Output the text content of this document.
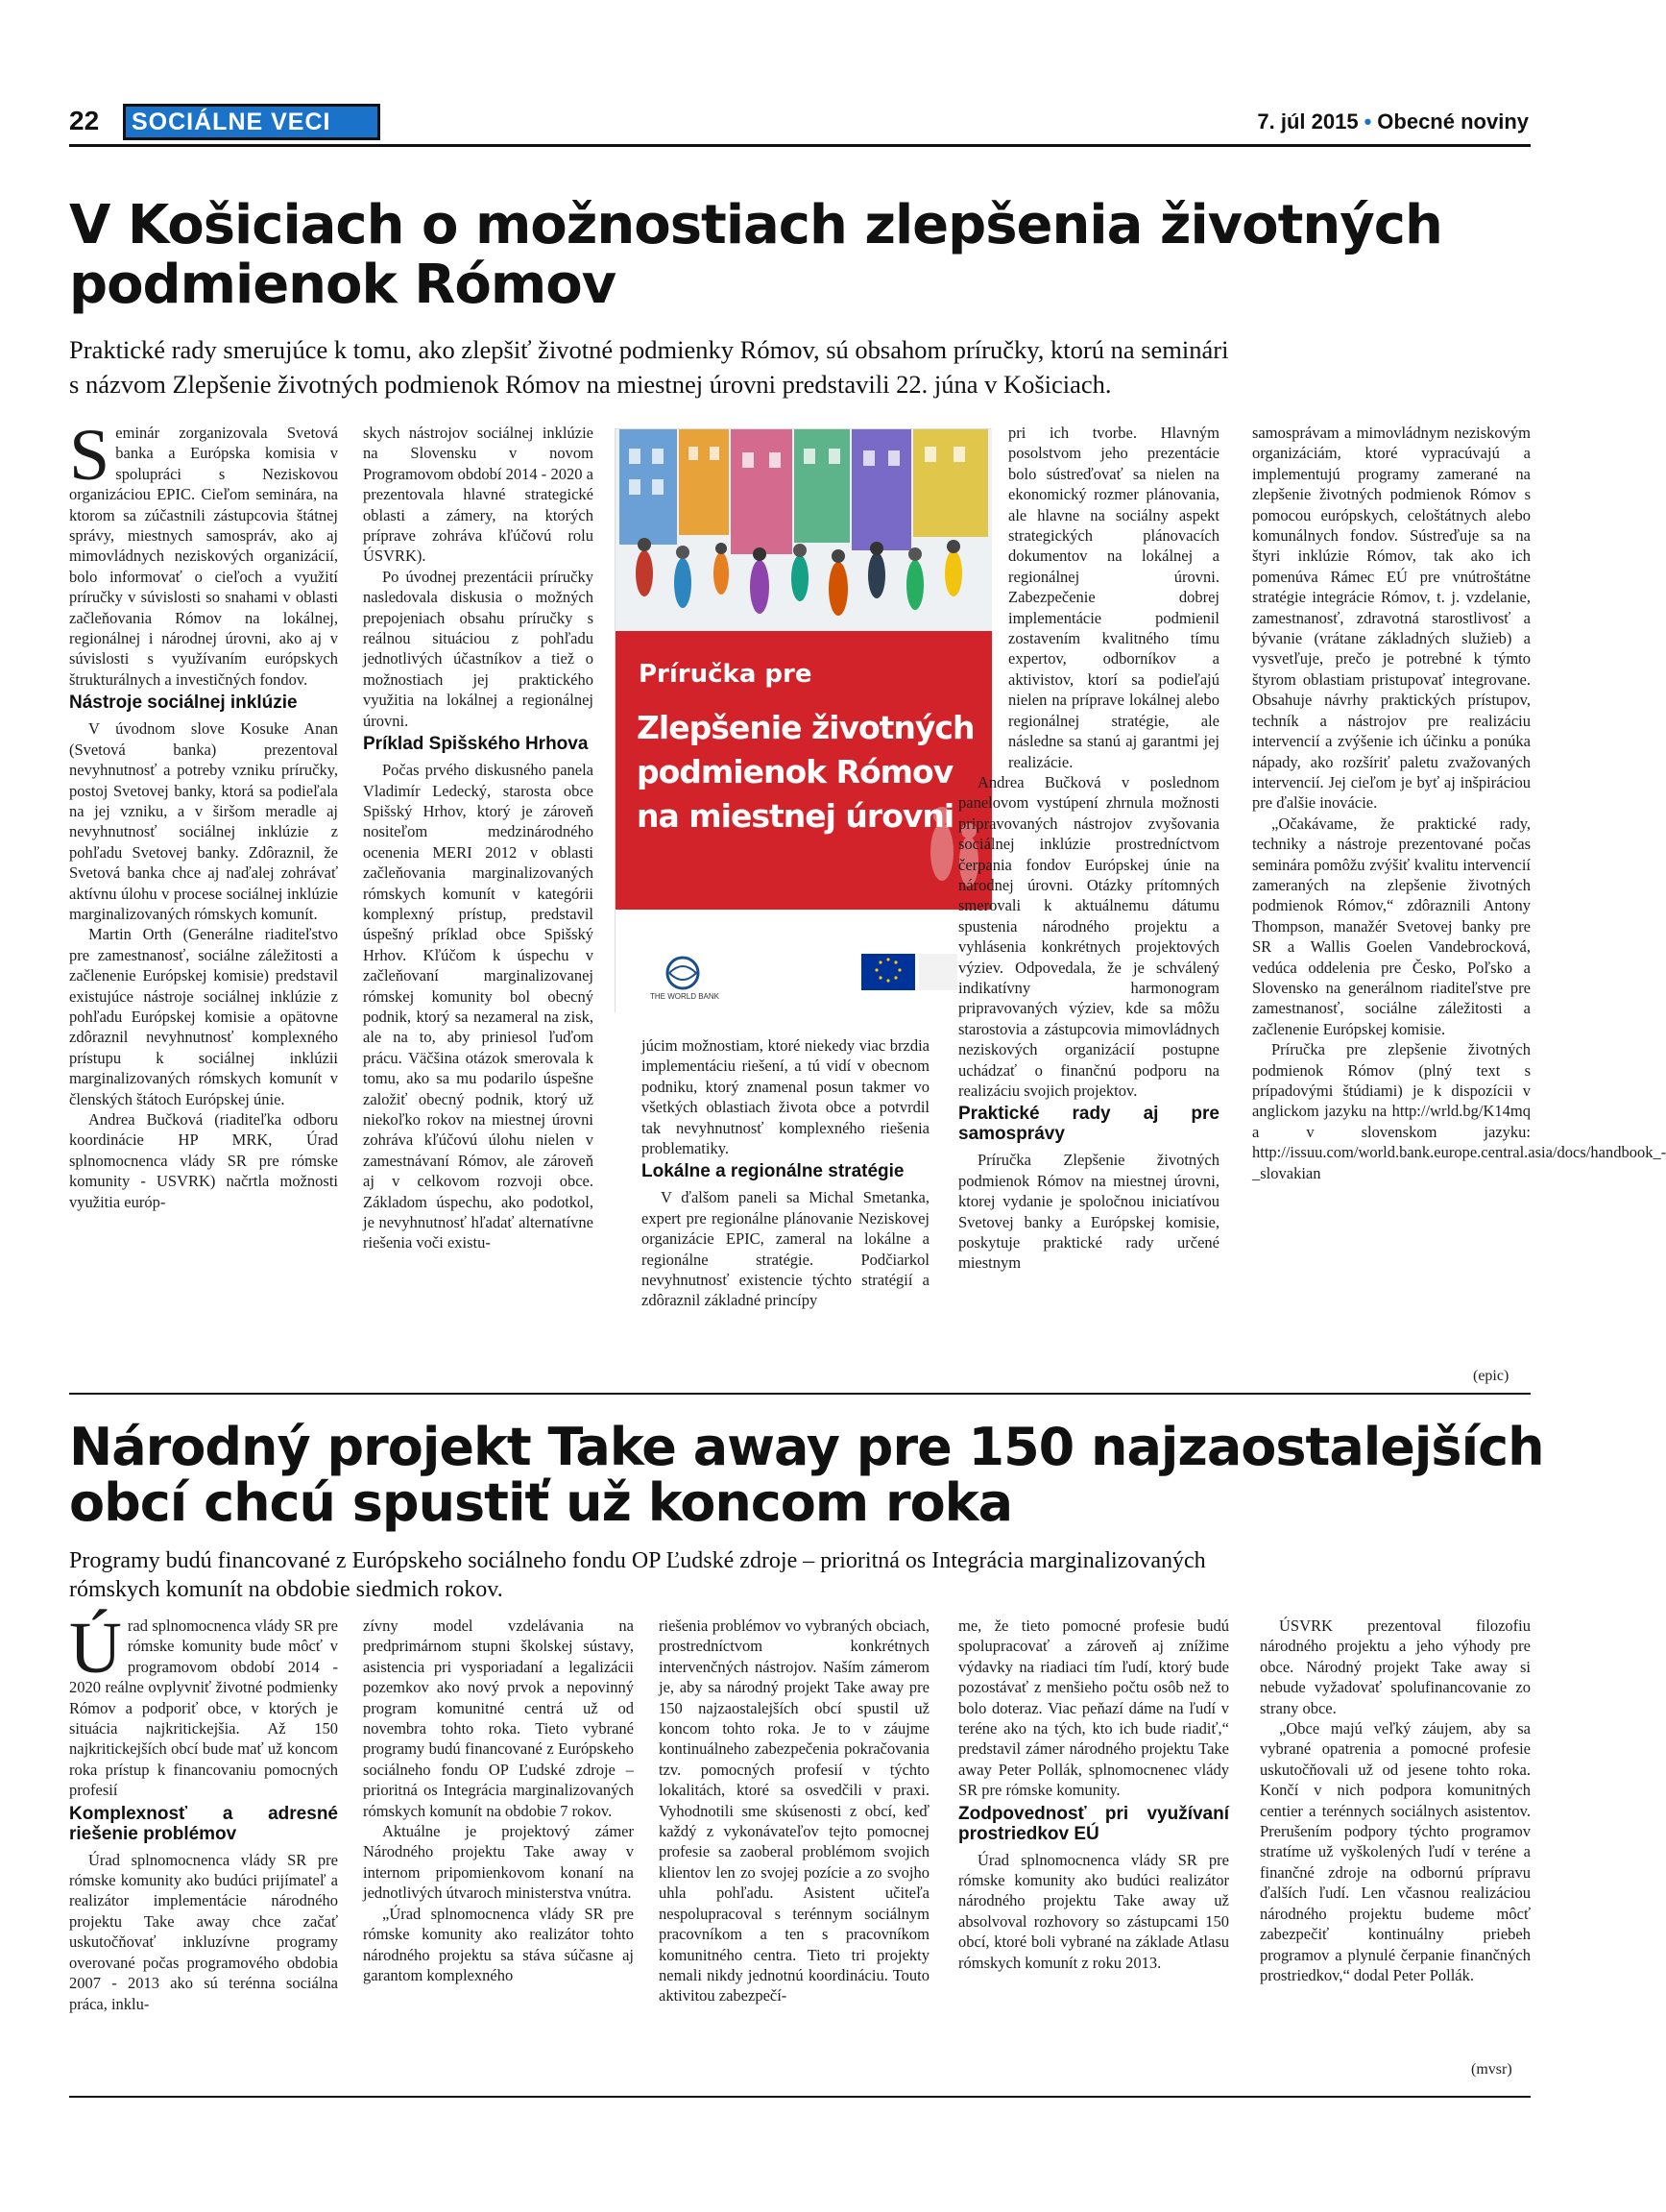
22	SOCIÁLNE VECI	7. júl 2015 • Obecné noviny
V Košiciach o možnostiach zlepšenia životných
podmienok Rómov

Praktické rady smerujúce k tomu, ako zlepšiť životné podmienky Rómov, sú obsahom príručky, ktorú na seminári
s názvom Zlepšenie životných podmienok Rómov na miestnej úrovni predstavili 22. júna v Košiciach.

Seminár zorganizovala Svetová banka a Európska komisia v spolupráci s Neziskovou organizáciou EPIC. Cieľom seminára, na ktorom sa zúčastnili zástupcovia štátnej správy, miestnych samospráv, ako aj mimovládnych neziskových organizácií, bolo informovať o cieľoch a využití príručky v súvislosti so snahami v oblasti začleňovania Rómov na lokálnej, regionálnej i národnej úrovni, ako aj v súvislosti s využívaním európskych štrukturálnych a investičných fondov.

Nástroje sociálnej inklúzie

V úvodnom slove Kosuke Anan (Svetová banka) prezentoval nevyhnutnosť a potreby vzniku príručky, postoj Svetovej banky, ktorá sa podieľala na jej vzniku, a v širšom meradle aj nevyhnutnosť sociálnej inklúzie z pohľadu Svetovej banky. Zdôraznil, že Svetová banka chce aj naďalej zohrávať aktívnu úlohu v procese sociálnej inklúzie marginalizovaných rómskych komunít.

Martin Orth (Generálne riaditeľstvo pre zamestnanosť, sociálne záležitosti a začlenenie Európskej komisie) predstavil existujúce nástroje sociálnej inklúzie z pohľadu Európskej komisie a opätovne zdôraznil nevyhnutnosť komplexného prístupu k sociálnej inklúzii marginalizovaných rómskych komunít v členských štátoch Európskej únie.

Andrea Bučková (riaditeľka odboru koordinácie HP MRK, Úrad splnomocnenca vlády SR pre rómske komunity - USVRK) načrtla možnosti využitia európ-

skych nástrojov sociálnej inklúzie na Slovensku v novom Programovom období 2014 - 2020 a prezentovala hlavné strategické oblasti a zámery, na ktorých príprave zohráva kľúčovú rolu ÚSVRK).

Po úvodnej prezentácii príručky nasledovala diskusia o možných prepojeniach obsahu príručky s reálnou situáciou z pohľadu jednotlivých účastníkov a tiež o možnostiach jej praktického využitia na lokálnej a regionálnej úrovni.

Príklad Spišského Hrhova

Počas prvého diskusného panela Vladimír Ledecký, starosta obce Spišský Hrhov, ktorý je zároveň nositeľom medzinárodného ocenenia MERI 2012 v oblasti začleňovania marginalizovaných rómskych komunít v kategórii komplexný prístup, predstavil úspešný príklad obce Spišský Hrhov. Kľúčom k úspechu v začleňovaní marginalizovanej rómskej komunity bol obecný podnik, ktorý sa nezameral na zisk, ale na to, aby priniesol ľuďom prácu. Väčšina otázok smerovala k tomu, ako sa mu podarilo úspešne založiť obecný podnik, ktorý už niekoľko rokov na miestnej úrovni zohráva kľúčovú úlohu nielen v zamestnávaní Rómov, ale zároveň aj v celkovom rozvoji obce. Základom úspechu, ako podotkol, je nevyhnutnosť hľadať alternatívne riešenia voči existu-

Príručka pre
Zlepšenie životných
podmienok Rómov
na miestnej úrovni
THE WORLD BANK

júcim možnostiam, ktoré niekedy viac brzdia implementáciu riešení, a tú vidí v obecnom podniku, ktorý znamenal posun takmer vo všetkých oblastiach života obce a potvrdil tak nevyhnutnosť komplexného riešenia problematiky.

Lokálne a regionálne stratégie

V ďalšom paneli sa Michal Smetanka, expert pre regionálne plánovanie Neziskovej organizácie EPIC, zameral na lokálne a regionálne stratégie. Podčiarkol nevyhnutnosť existencie týchto stratégií a zdôraznil základné princípy

pri ich tvorbe. Hlavným posolstvom jeho prezentácie bolo sústreďovať sa nielen na ekonomický rozmer plánovania, ale hlavne na sociálny aspekt strategických plánovacích dokumentov na lokálnej a regionálnej úrovni. Zabezpečenie dobrej implementácie podmienil zostavením kvalitného tímu expertov, odborníkov a aktivistov, ktorí sa podieľajú nielen na príprave lokálnej alebo regionálnej stratégie, ale následne sa stanú aj garantmi jej realizácie.

Andrea Bučková v poslednom panelovom vystúpení zhrnula možnosti pripravovaných nástrojov zvyšovania sociálnej inklúzie prostredníctvom čerpania fondov Európskej únie na národnej úrovni. Otázky prítomných smerovali k aktuálnemu dátumu spustenia národného projektu a vyhlásenia konkrétnych projektových výziev. Odpovedala, že je schválený indikatívny harmonogram pripravovaných výziev, kde sa môžu starostovia a zástupcovia mimovládnych neziskových organizácií postupne uchádzať o finančnú podporu na realizáciu svojich projektov.

Praktické rady aj pre samosprávy

Príručka Zlepšenie životných podmienok Rómov na miestnej úrovni, ktorej vydanie je spoločnou iniciatívou Svetovej banky a Európskej komisie, poskytuje praktické rady určené miestnym

samosprávam a mimovládnym neziskovým organizáciám, ktoré vypracúvajú a implementujú programy zamerané na zlepšenie životných podmienok Rómov s pomocou európskych, celoštátnych alebo komunálnych fondov. Sústreďuje sa na štyri inklúzie Rómov, tak ako ich pomenúva Rámec EÚ pre vnútroštátne stratégie integrácie Rómov, t. j. vzdelanie, zamestnanosť, zdravotná starostlivosť a bývanie (vrátane základných služieb) a vysvetľuje, prečo je potrebné k týmto štyrom oblastiam pristupovať integrovane. Obsahuje návrhy praktických prístupov, techník a nástrojov pre realizáciu intervencií a zvýšenie ich účinku a ponúka nápady, ako rozšíriť paletu zvažovaných intervencií. Jej cieľom je byť aj inšpiráciou pre ďalšie inovácie.

„Očakávame, že praktické rady, techniky a nástroje prezentované počas seminára pomôžu zvýšiť kvalitu intervencií zameraných na zlepšenie životných podmienok Rómov,“ zdôraznili Antony Thompson, manažér Svetovej banky pre SR a Wallis Goelen Vandebrocková, vedúca oddelenia pre Česko, Poľsko a Slovensko na generálnom riaditeľstve pre zamestnanosť, sociálne záležitosti a začlenenie Európskej komisie.

Príručka pre zlepšenie životných podmienok Rómov (plný text s prípadovými štúdiami) je k dispozícii v anglickom jazyku na http://wrld.bg/K14mq a v slovenskom jazyku: http://issuu.com/world.bank.europe.central.asia/docs/handbook_-_slovakian

(epic)
Národný projekt Take away pre 150 najzaostalejších
obcí chcú spustiť už koncom roka

Programy budú financované z Európskeho sociálneho fondu OP Ľudské zdroje – prioritná os Integrácia marginalizovaných
rómskych komunít na obdobie siedmich rokov.

Úrad splnomocnenca vlády SR pre rómske komunity bude môcť v programovom období 2014 - 2020 reálne ovplyvniť životné podmienky Rómov a podporiť obce, v ktorých je situácia najkritickejšia. Až 150 najkritickejších obcí bude mať už koncom roka prístup k financovaniu pomocných profesií

Komplexnosť a adresné riešenie problémov

Úrad splnomocnenca vlády SR pre rómske komunity ako budúci prijímateľ a realizátor implementácie národného projektu Take away chce začať uskutočňovať inkluzívne programy overované počas programového obdobia 2007 - 2013 ako sú terénna sociálna práca, inklu-

zívny model vzdelávania na predprimárnom stupni školskej sústavy, asistencia pri vysporiadaní a legalizácii pozemkov ako nový prvok a nepovinný program komunitné centrá už od novembra tohto roka. Tieto vybrané programy budú financované z Európskeho sociálneho fondu OP Ľudské zdroje – prioritná os Integrácia marginalizovaných rómskych komunít na obdobie 7 rokov.

Aktuálne je projektový zámer Národného projektu Take away v internom pripomienkovom konaní na jednotlivých útvaroch ministerstva vnútra.

„Úrad splnomocnenca vlády SR pre rómske komunity ako realizátor tohto národného projektu sa stáva súčasne aj garantom komplexného

riešenia problémov vo vybraných obciach, prostredníctvom konkrétnych intervenčných nástrojov. Naším zámerom je, aby sa národný projekt Take away pre 150 najzaostalejších obcí spustil už koncom tohto roka. Je to v záujme kontinuálneho zabezpečenia pokračovania tzv. pomocných profesií v týchto lokalitách, ktoré sa osvedčili v praxi. Vyhodnotili sme skúsenosti z obcí, keď každý z vykonávateľov tejto pomocnej profesie sa zaoberal problémom svojich klientov len zo svojej pozície a zo svojho uhla pohľadu. Asistent učiteľa nespolupracoval s terénnym sociálnym pracovníkom a ten s pracovníkom komunitného centra. Tieto tri projekty nemali nikdy jednotnú koordináciu. Touto aktivitou zabezpečí-

me, že tieto pomocné profesie budú spolupracovať a zároveň aj znížime výdavky na riadiaci tím ľudí, ktorý bude pozostávať z menšieho počtu osôb než to bolo doteraz. Viac peňazí dáme na ľudí v teréne ako na tých, kto ich bude riadiť,“ predstavil zámer národného projektu Take away Peter Pollák, splnomocnenec vlády SR pre rómske komunity.

Zodpovednosť pri využívaní prostriedkov EÚ

Úrad splnomocnenca vlády SR pre rómske komunity ako budúci realizátor národného projektu Take away už absolvoval rozhovory so zástupcami 150 obcí, ktoré boli vybrané na základe Atlasu rómskych komunít z roku 2013.

ÚSVRK prezentoval filozofiu národného projektu a jeho výhody pre obce. Národný projekt Take away si nebude vyžadovať spolufinancovanie zo strany obce.

„Obce majú veľký záujem, aby sa vybrané opatrenia a pomocné profesie uskutočňovali už od jesene tohto roka. Končí v nich podpora komunitných centier a terénnych sociálnych asistentov. Prerušením podpory týchto programov stratíme už vyškolených ľudí v teréne a finančné zdroje na odbornú prípravu ďalších ľudí. Len včasnou realizáciou národného projektu budeme môcť zabezpečiť kontinuálny priebeh programov a plynulé čerpanie finančných prostriedkov,“ dodal Peter Pollák.

(mvsr)
